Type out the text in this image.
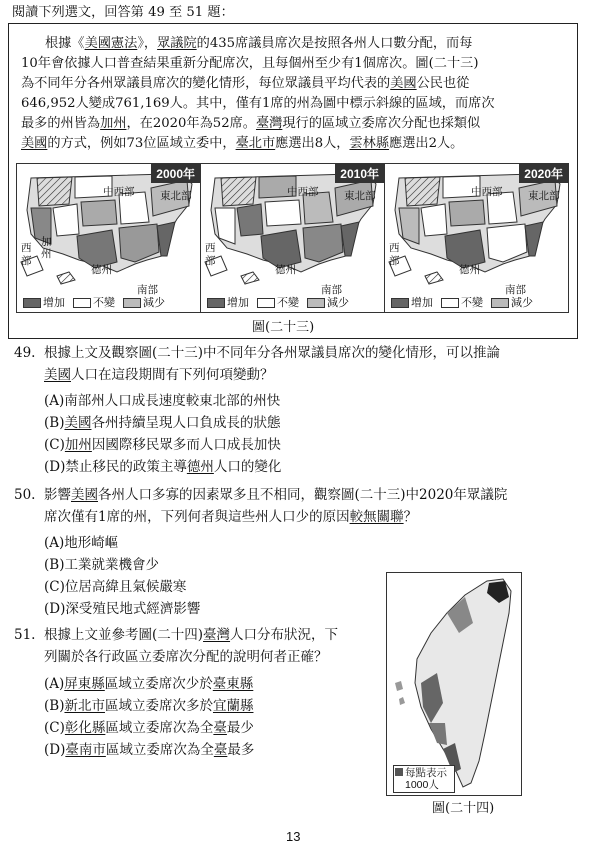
閱讀下列選文，回答第 49 至 51 題：
根據《美國憲法》，眾議院的435席議員席次是按照各州人口數分配，而每
10年會依據人口普查結果重新分配席次，且每個州至少有1個席次。圖(二十三)
為不同年分各州眾議員席次的變化情形，每位眾議員平均代表的美國公民也從
646,952人變成761,169人。其中，僅有1席的州為圖中標示斜線的區域，而席次
最多的州皆為加州，在2020年為52席。臺灣現行的區域立委席次分配也採類似
美國的方式，例如73位區域立委中，臺北市應選出8人，雲林縣應選出2人。
2000年
中西部 東北部
西
部
加
州
德州
南部
增加	不變	減少
2010年
中西部 東北部
西
部
德州
南部
增加	不變	減少
2020年
中西部 東北部
西
部
德州
南部
增加	不變	減少
圖(二十三)
49. 根據上文及觀察圖(二十三)中不同年分各州眾議員席次的變化情形，可以推論
美國人口在這段期間有下列何項變動？
(A)南部州人口成長速度較東北部的州快
(B)美國各州持續呈現人口負成長的狀態
(C)加州因國際移民眾多而人口成長加快
(D)禁止移民的政策主導德州人口的變化
50. 影響美國各州人口多寡的因素眾多且不相同，觀察圖(二十三)中2020年眾議院
席次僅有1席的州，下列何者與這些州人口少的原因較無關聯？
(A)地形崎嶇
(B)工業就業機會少
(C)位居高緯且氣候嚴寒
(D)深受殖民地式經濟影響
51. 根據上文並參考圖(二十四)臺灣人口分布狀況，下
列關於各行政區立委席次分配的說明何者正確？
(A)屏東縣區域立委席次少於臺東縣
(B)新北市區域立委席次多於宜蘭縣
(C)彰化縣區域立委席次為全臺最少
(D)臺南市區域立委席次為全臺最多
每點表示
1000人
圖(二十四)
13
